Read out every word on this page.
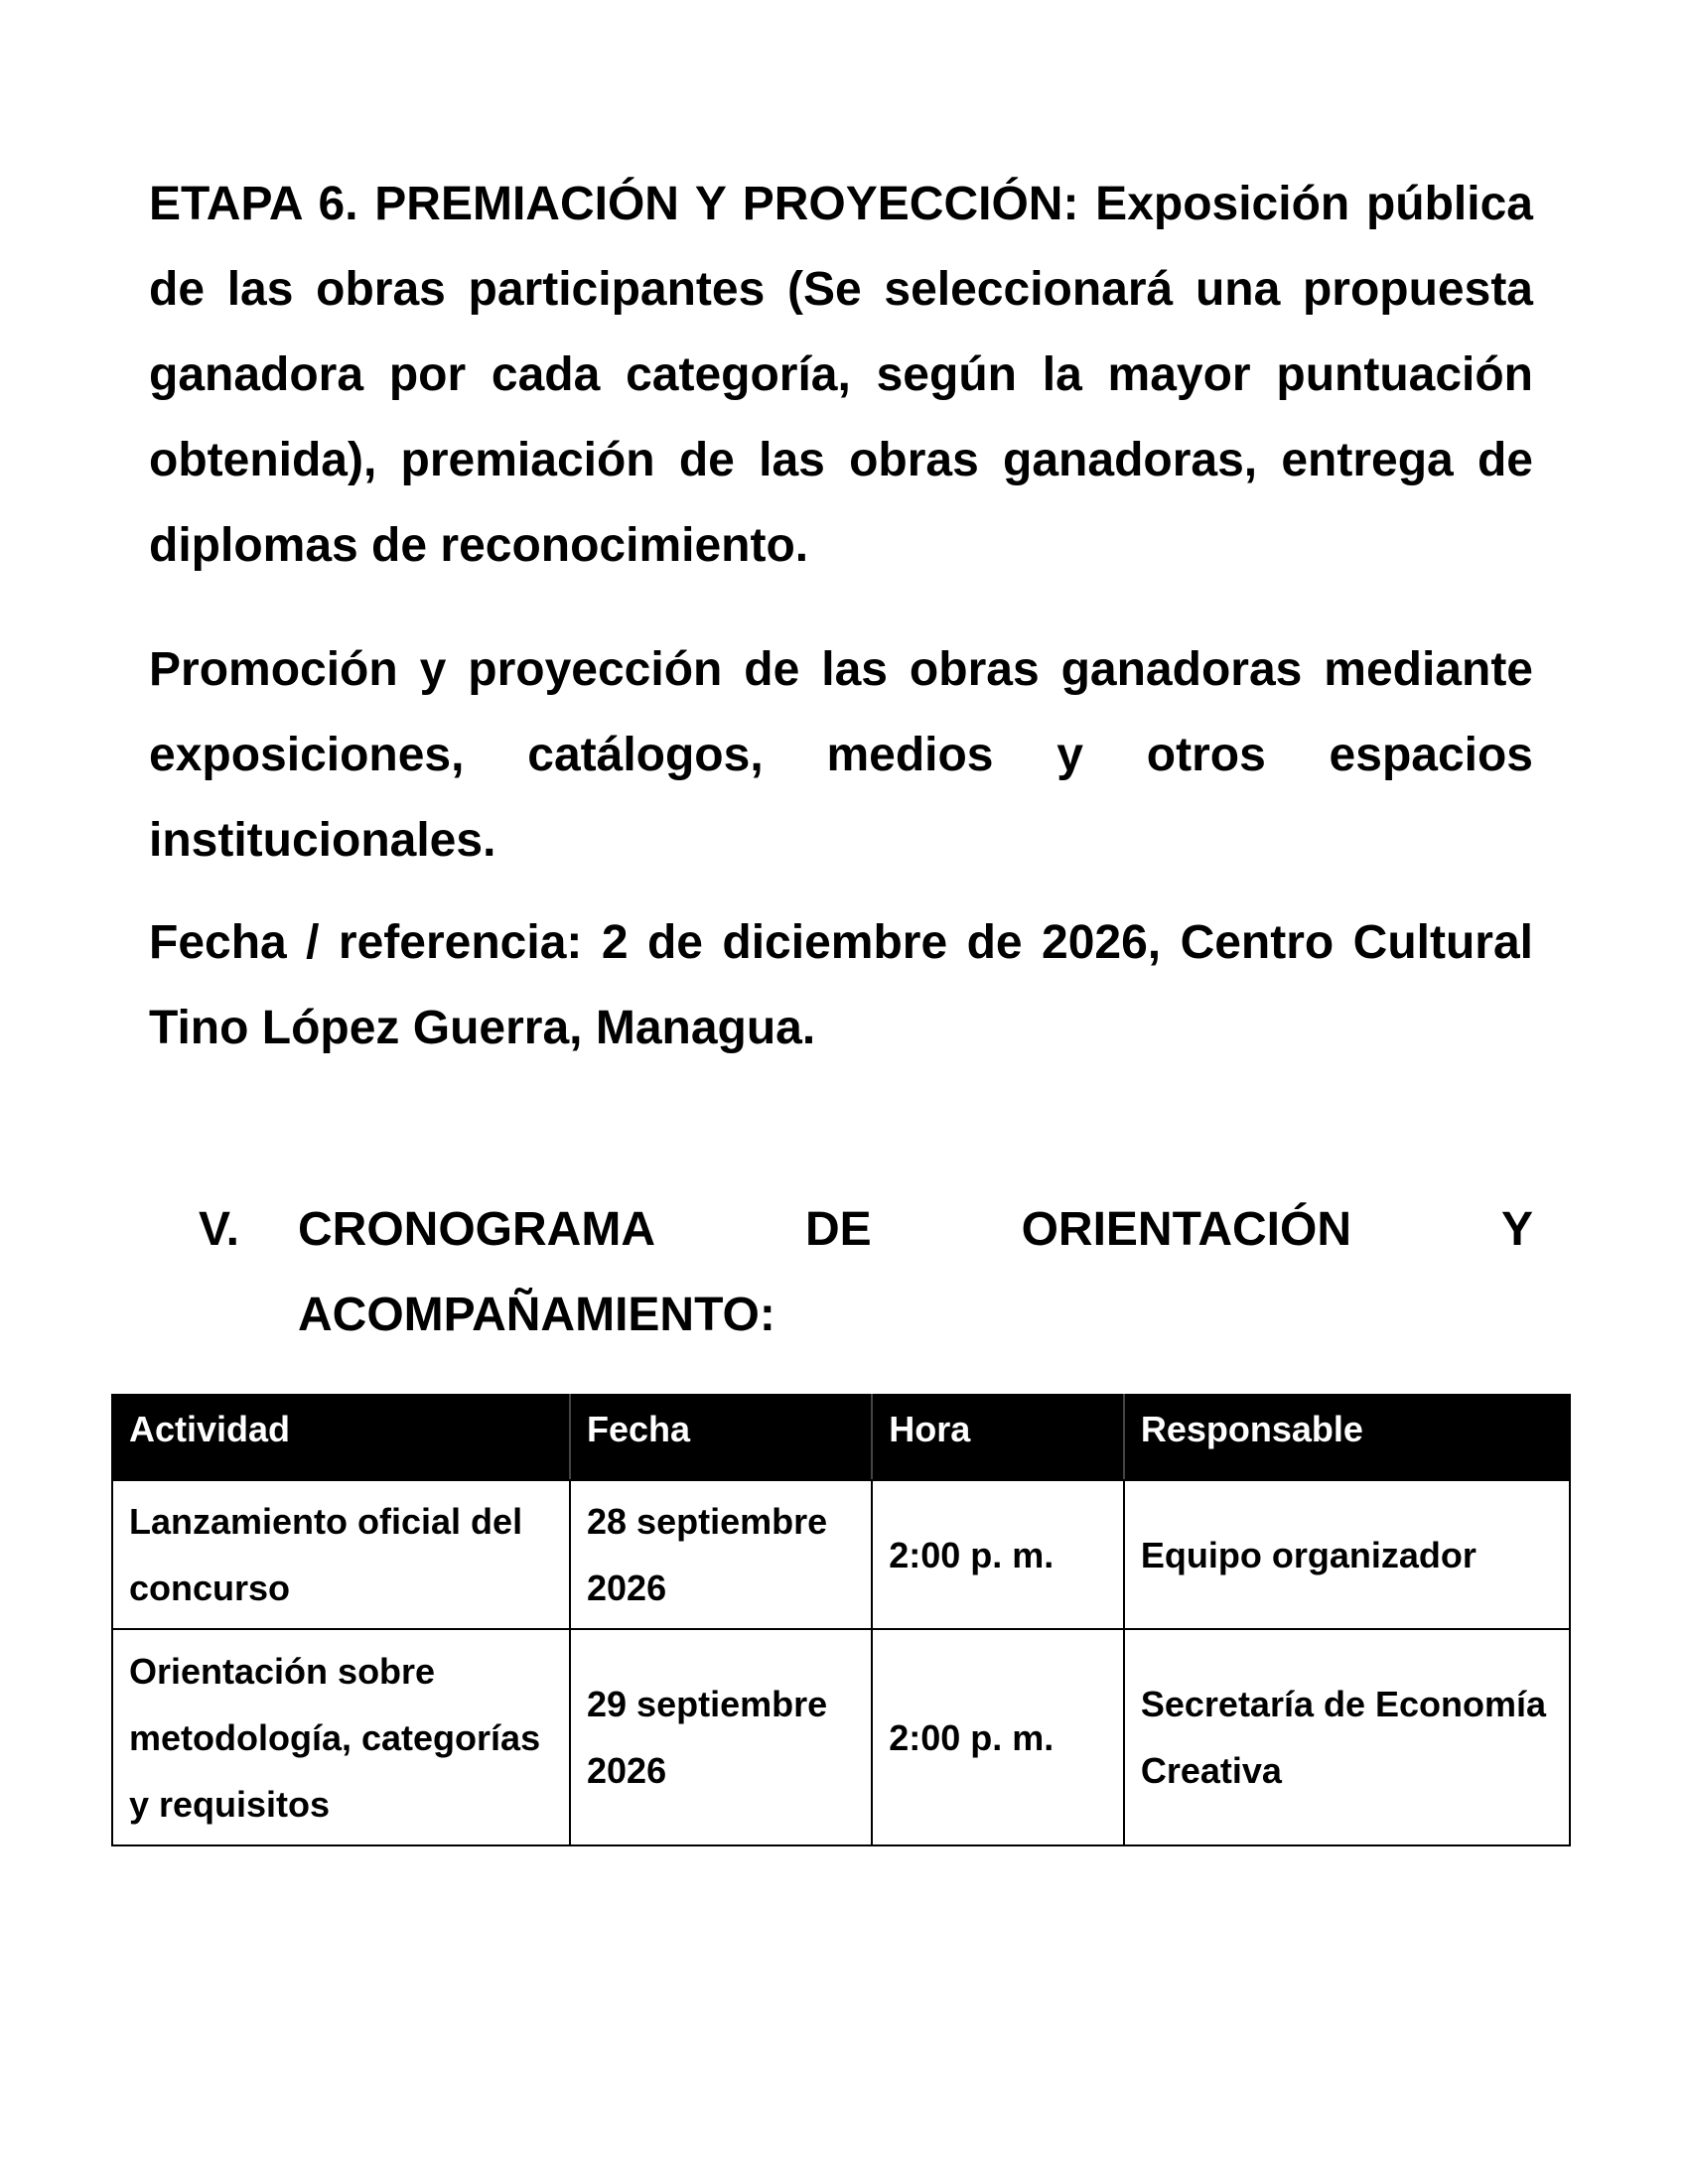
ETAPA 6. PREMIACIÓN Y PROYECCIÓN: Exposición pública de las obras participantes (Se seleccionará una propuesta ganadora por cada categoría, según la mayor puntuación obtenida), premiación de las obras ganadoras, entrega de diplomas de reconocimiento.

Promoción y proyección de las obras ganadoras mediante exposiciones, catálogos, medios y otros espacios institucionales.

Fecha / referencia: 2 de diciembre de 2026, Centro Cultural Tino López Guerra, Managua.

V. CRONOGRAMA	DE	ORIENTACIÓN	Y
ACOMPAÑAMIENTO:
Actividad	Fecha	Hora	Responsable
Lanzamiento oficial del concurso	28 septiembre 2026	2:00 p. m.	Equipo organizador
Orientación sobre metodología, categorías y requisitos	29 septiembre 2026	2:00 p. m.	Secretaría de Economía Creativa
